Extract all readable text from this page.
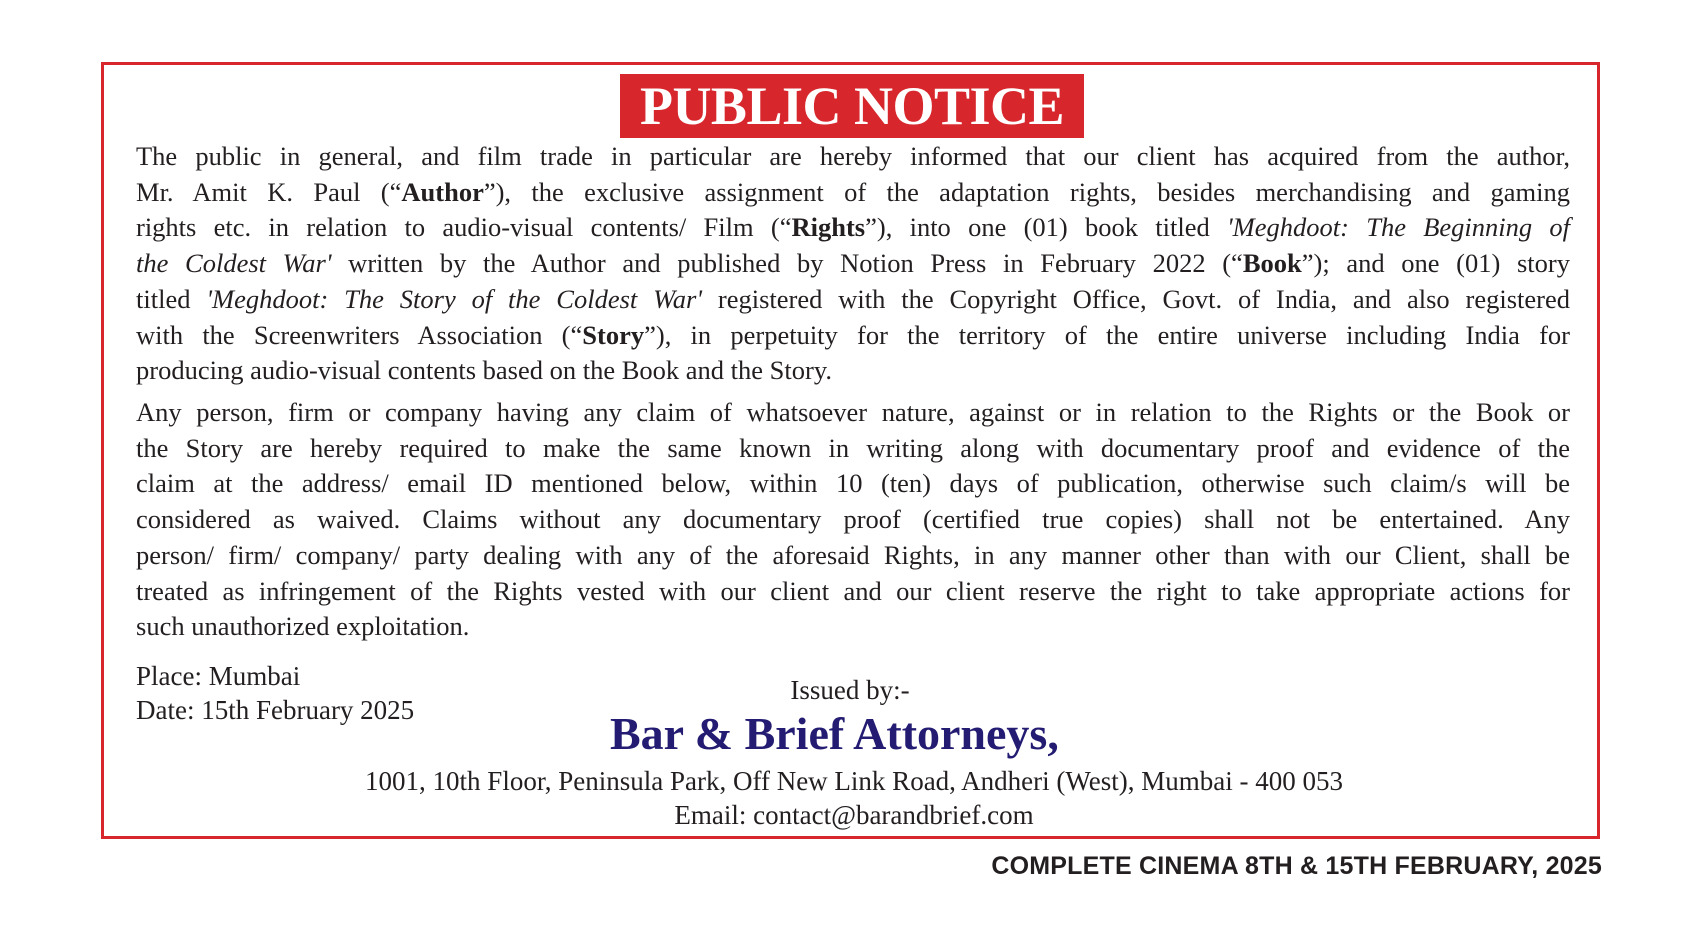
PUBLIC NOTICE

The public in general, and film trade in particular are hereby informed that our client has acquired from the author,
Mr. Amit K. Paul (“Author”), the exclusive assignment of the adaptation rights, besides merchandising and gaming
rights etc. in relation to audio-visual contents/ Film (“Rights”), into one (01) book titled 'Meghdoot: The Beginning of
the Coldest War' written by the Author and published by Notion Press in February 2022 (“Book”); and one (01) story
titled 'Meghdoot: The Story of the Coldest War' registered with the Copyright Office, Govt. of India, and also registered
with the Screenwriters Association (“Story”), in perpetuity for the territory of the entire universe including India for
producing audio-visual contents based on the Book and the Story.

Any person, firm or company having any claim of whatsoever nature, against or in relation to the Rights or the Book or
the Story are hereby required to make the same known in writing along with documentary proof and evidence of the
claim at the address/ email ID mentioned below, within 10 (ten) days of publication, otherwise such claim/s will be
considered as waived. Claims without any documentary proof (certified true copies) shall not be entertained. Any
person/ firm/ company/ party dealing with any of the aforesaid Rights, in any manner other than with our Client, shall be
treated as infringement of the Rights vested with our client and our client reserve the right to take appropriate actions for
such unauthorized exploitation.

Place: Mumbai
Date: 15th February 2025
Issued by:-
Bar & Brief Attorneys,
1001, 10th Floor, Peninsula Park, Off New Link Road, Andheri (West), Mumbai - 400 053
Email: contact@barandbrief.com
COMPLETE CINEMA 8TH & 15TH FEBRUARY, 2025
